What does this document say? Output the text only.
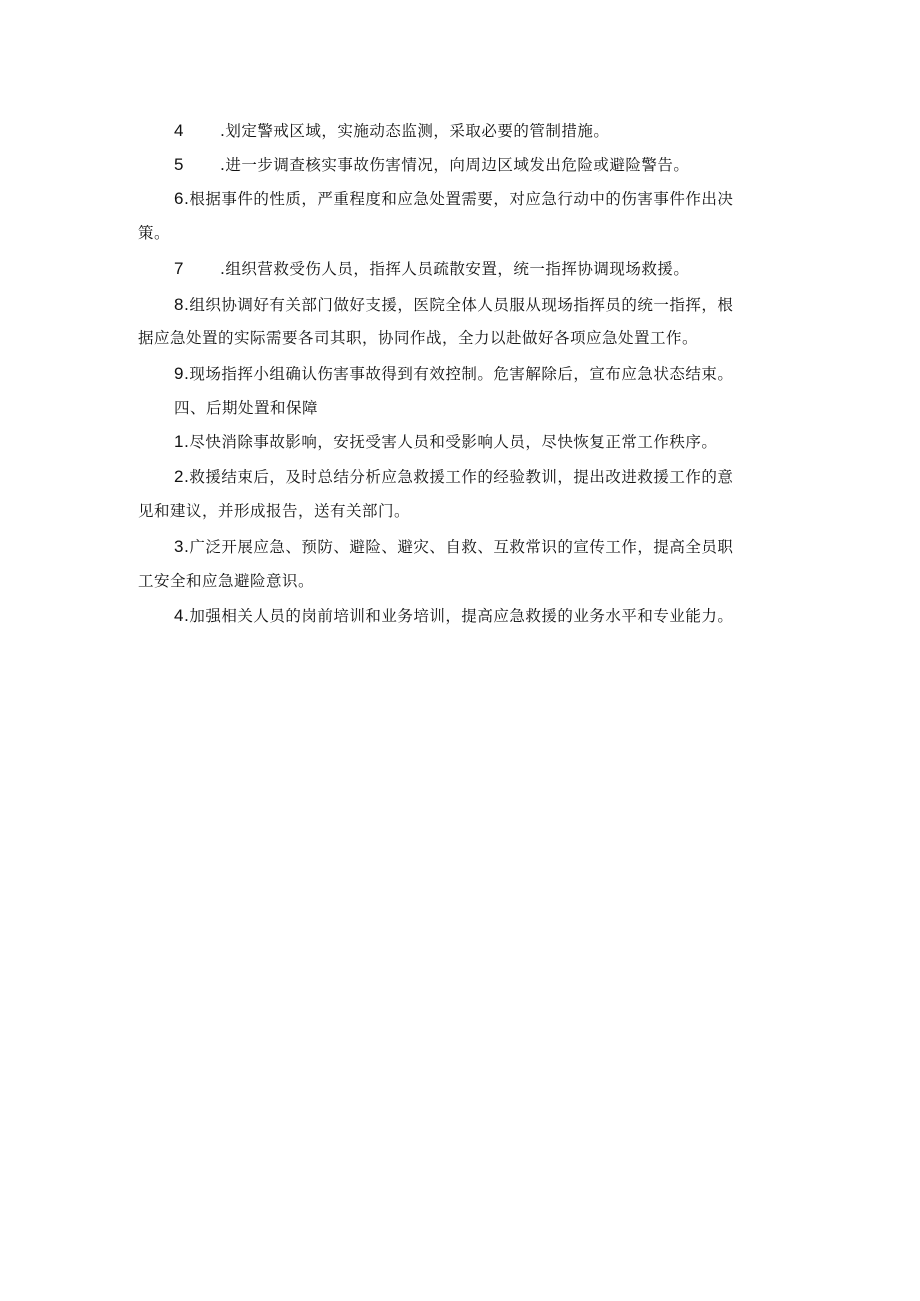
4 .划定警戒区域，实施动态监测，采取必要的管制措施。
5 .进一步调查核实事故伤害情况，向周边区域发出危险或避险警告。
6.根据事件的性质，严重程度和应急处置需要，对应急行动中的伤害事件作出决
策。
7 .组织营救受伤人员，指挥人员疏散安置，统一指挥协调现场救援。
8.组织协调好有关部门做好支援，医院全体人员服从现场指挥员的统一指挥，根
据应急处置的实际需要各司其职，协同作战，全力以赴做好各项应急处置工作。
9.现场指挥小组确认伤害事故得到有效控制。危害解除后，宣布应急状态结束。
四、后期处置和保障
1.尽快消除事故影响，安抚受害人员和受影响人员，尽快恢复正常工作秩序。
2.救援结束后，及时总结分析应急救援工作的经验教训，提出改进救援工作的意
见和建议，并形成报告，送有关部门。
3.广泛开展应急、预防、避险、避灾、自救、互救常识的宣传工作，提高全员职
工安全和应急避险意识。
4.加强相关人员的岗前培训和业务培训，提高应急救援的业务水平和专业能力。
